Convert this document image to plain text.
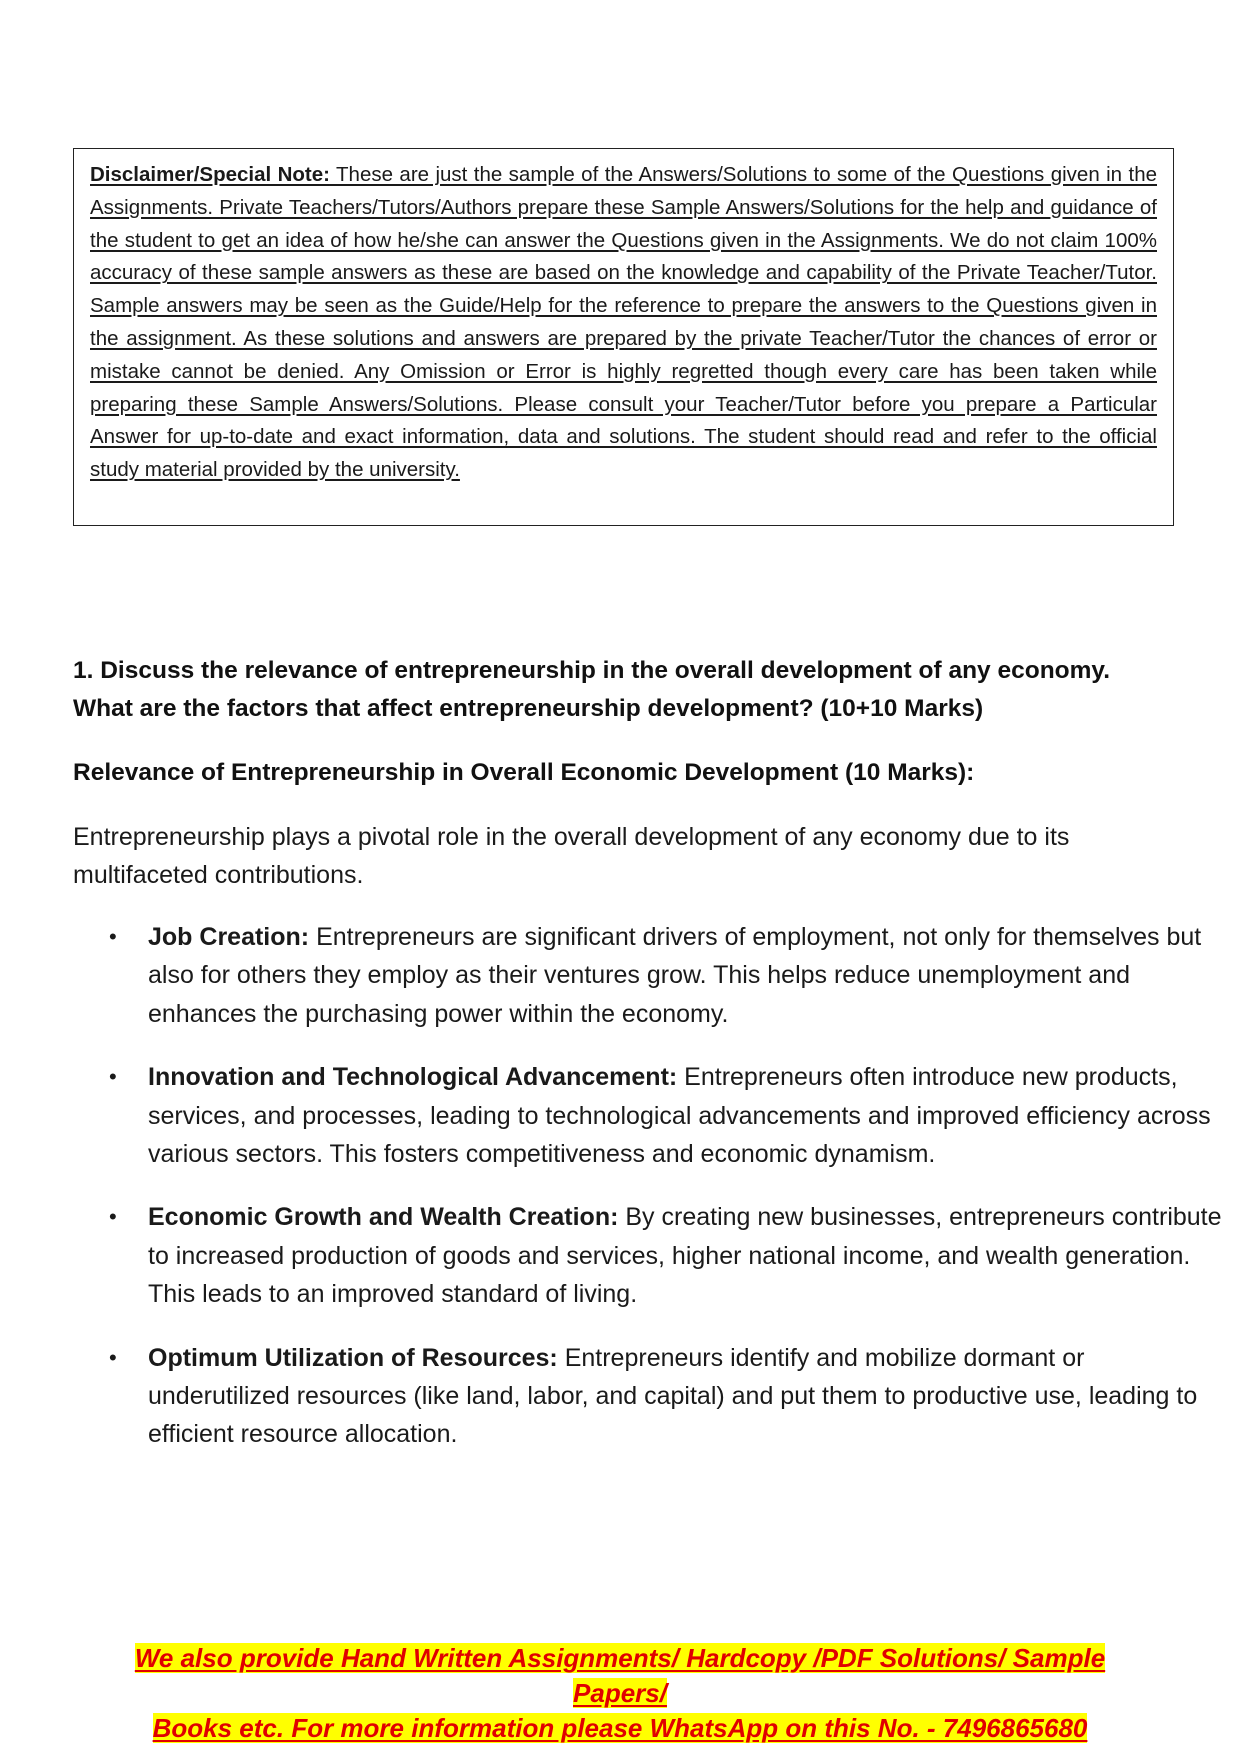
Disclaimer/Special Note: These are just the sample of the Answers/Solutions to some of the Questions given in the Assignments. Private Teachers/Tutors/Authors prepare these Sample Answers/Solutions for the help and guidance of the student to get an idea of how he/she can answer the Questions given in the Assignments. We do not claim 100% accuracy of these sample answers as these are based on the knowledge and capability of the Private Teacher/Tutor. Sample answers may be seen as the Guide/Help for the reference to prepare the answers to the Questions given in the assignment. As these solutions and answers are prepared by the private Teacher/Tutor the chances of error or mistake cannot be denied. Any Omission or Error is highly regretted though every care has been taken while preparing these Sample Answers/Solutions. Please consult your Teacher/Tutor before you prepare a Particular Answer for up-to-date and exact information, data and solutions. The student should read and refer to the official study material provided by the university.
1. Discuss the relevance of entrepreneurship in the overall development of any economy.
What are the factors that affect entrepreneurship development? (10+10 Marks)
Relevance of Entrepreneurship in Overall Economic Development (10 Marks):
Entrepreneurship plays a pivotal role in the overall development of any economy due to its multifaceted contributions.
• Job Creation: Entrepreneurs are significant drivers of employment, not only for themselves but also for others they employ as their ventures grow. This helps reduce unemployment and enhances the purchasing power within the economy.
• Innovation and Technological Advancement: Entrepreneurs often introduce new products, services, and processes, leading to technological advancements and improved efficiency across various sectors. This fosters competitiveness and economic dynamism.
• Economic Growth and Wealth Creation: By creating new businesses, entrepreneurs contribute to increased production of goods and services, higher national income, and wealth generation. This leads to an improved standard of living.
• Optimum Utilization of Resources: Entrepreneurs identify and mobilize dormant or underutilized resources (like land, labor, and capital) and put them to productive use, leading to efficient resource allocation.
We also provide Hand Written Assignments/ Hardcopy /PDF Solutions/ Sample Papers/
Books etc. For more information please WhatsApp on this No. - 7496865680
